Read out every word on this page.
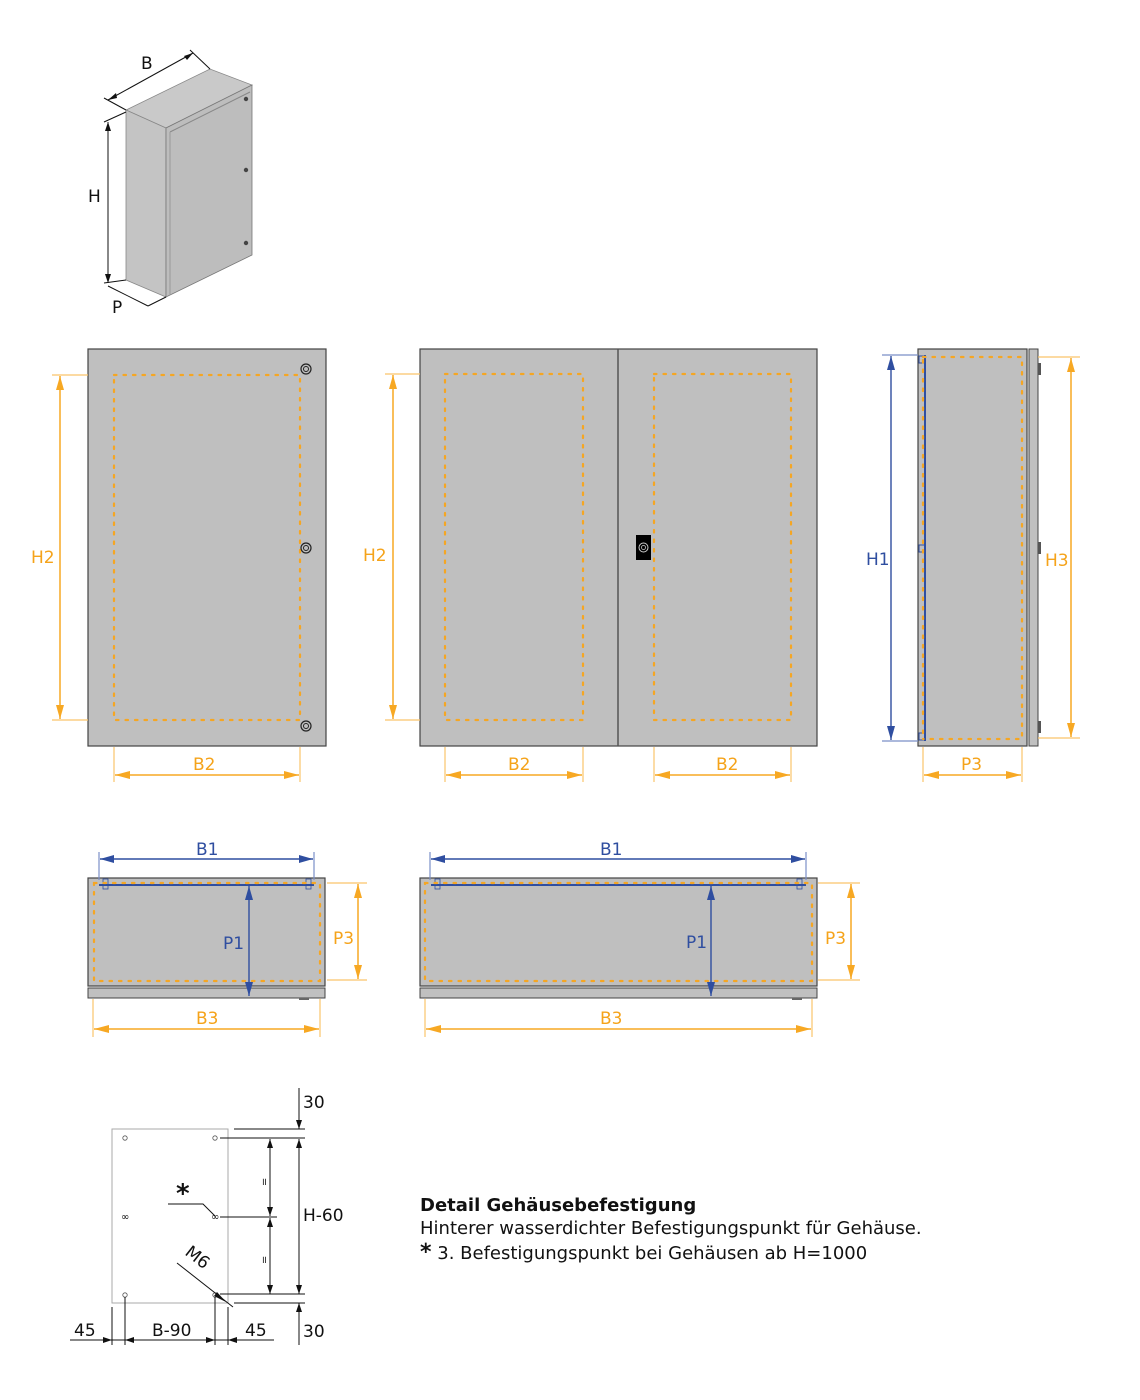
B
H
P
H2
B2
H2
B2	B2
H1	H3
P3
B1
P1	P3
B3
B1
P1	P3
B3
∞	∞
30
H-60
॥
॥
30
*
M6
45	B-90	45
Detail Gehäusebefestigung
Hinterer wasserdichter Befestigungspunkt für Gehäuse.
* 3. Befestigungspunkt bei Gehäusen ab H=1000
